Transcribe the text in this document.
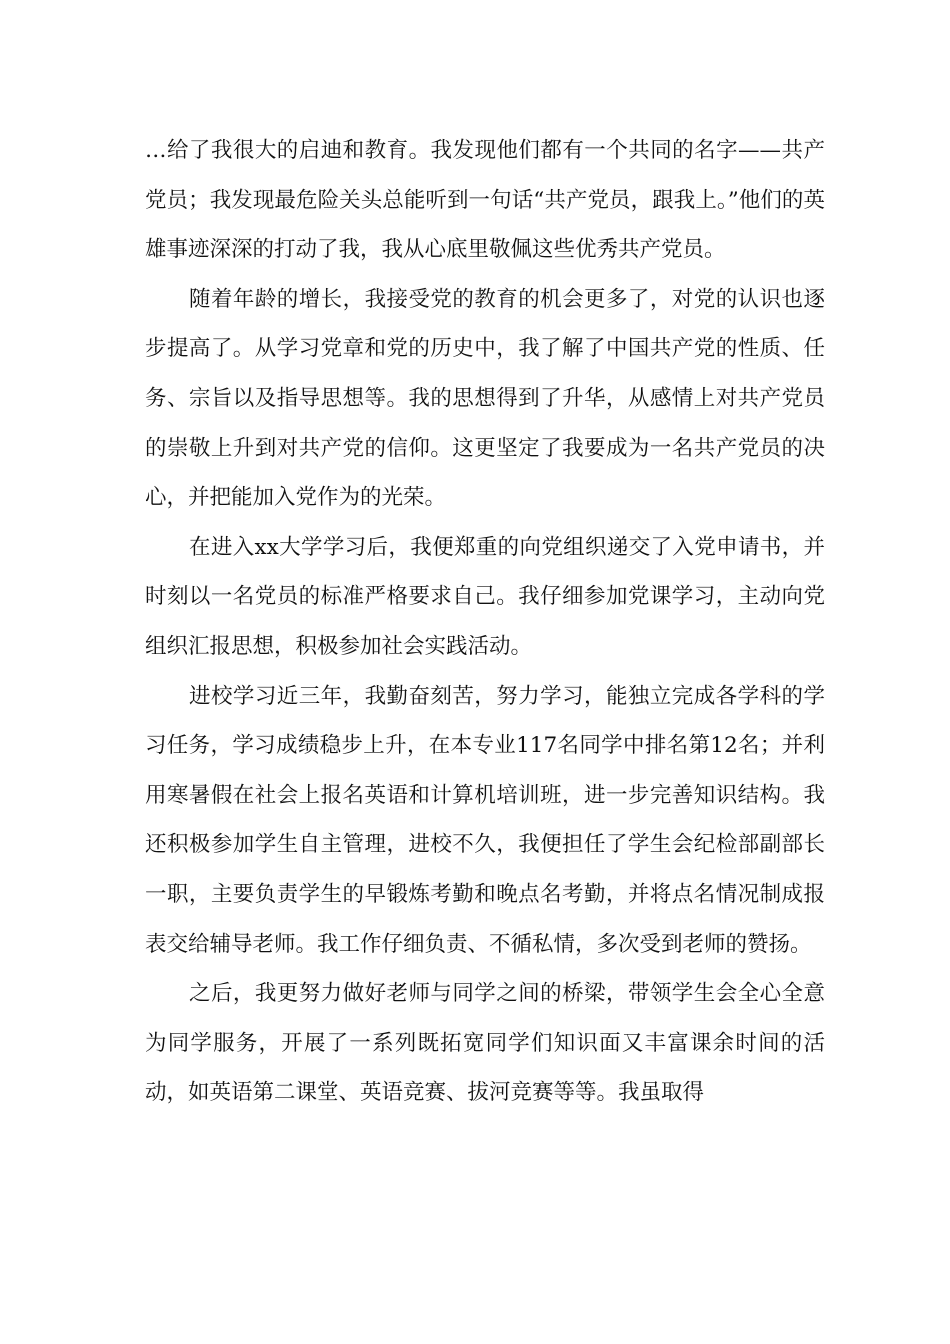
…给了我很大的启迪和教育。我发现他们都有一个共同的名字——共产党员；我发现最危险关头总能听到一句话“共产党员，跟我上。”他们的英雄事迹深深的打动了我，我从心底里敬佩这些优秀共产党员。

随着年龄的增长，我接受党的教育的机会更多了，对党的认识也逐步提高了。从学习党章和党的历史中，我了解了中国共产党的性质、任务、宗旨以及指导思想等。我的思想得到了升华，从感情上对共产党员的崇敬上升到对共产党的信仰。这更坚定了我要成为一名共产党员的决心，并把能加入党作为的光荣。

在进入xx大学学习后，我便郑重的向党组织递交了入党申请书，并时刻以一名党员的标准严格要求自己。我仔细参加党课学习，主动向党组织汇报思想，积极参加社会实践活动。

进校学习近三年，我勤奋刻苦，努力学习，能独立完成各学科的学习任务，学习成绩稳步上升，在本专业117名同学中排名第12名；并利用寒暑假在社会上报名英语和计算机培训班，进一步完善知识结构。我还积极参加学生自主管理，进校不久，我便担任了学生会纪检部副部长一职，主要负责学生的早锻炼考勤和晚点名考勤，并将点名情况制成报表交给辅导老师。我工作仔细负责、不循私情，多次受到老师的赞扬。

之后，我更努力做好老师与同学之间的桥梁，带领学生会全心全意为同学服务，开展了一系列既拓宽同学们知识面又丰富课余时间的活动，如英语第二课堂、英语竞赛、拔河竞赛等等。我虽取得
